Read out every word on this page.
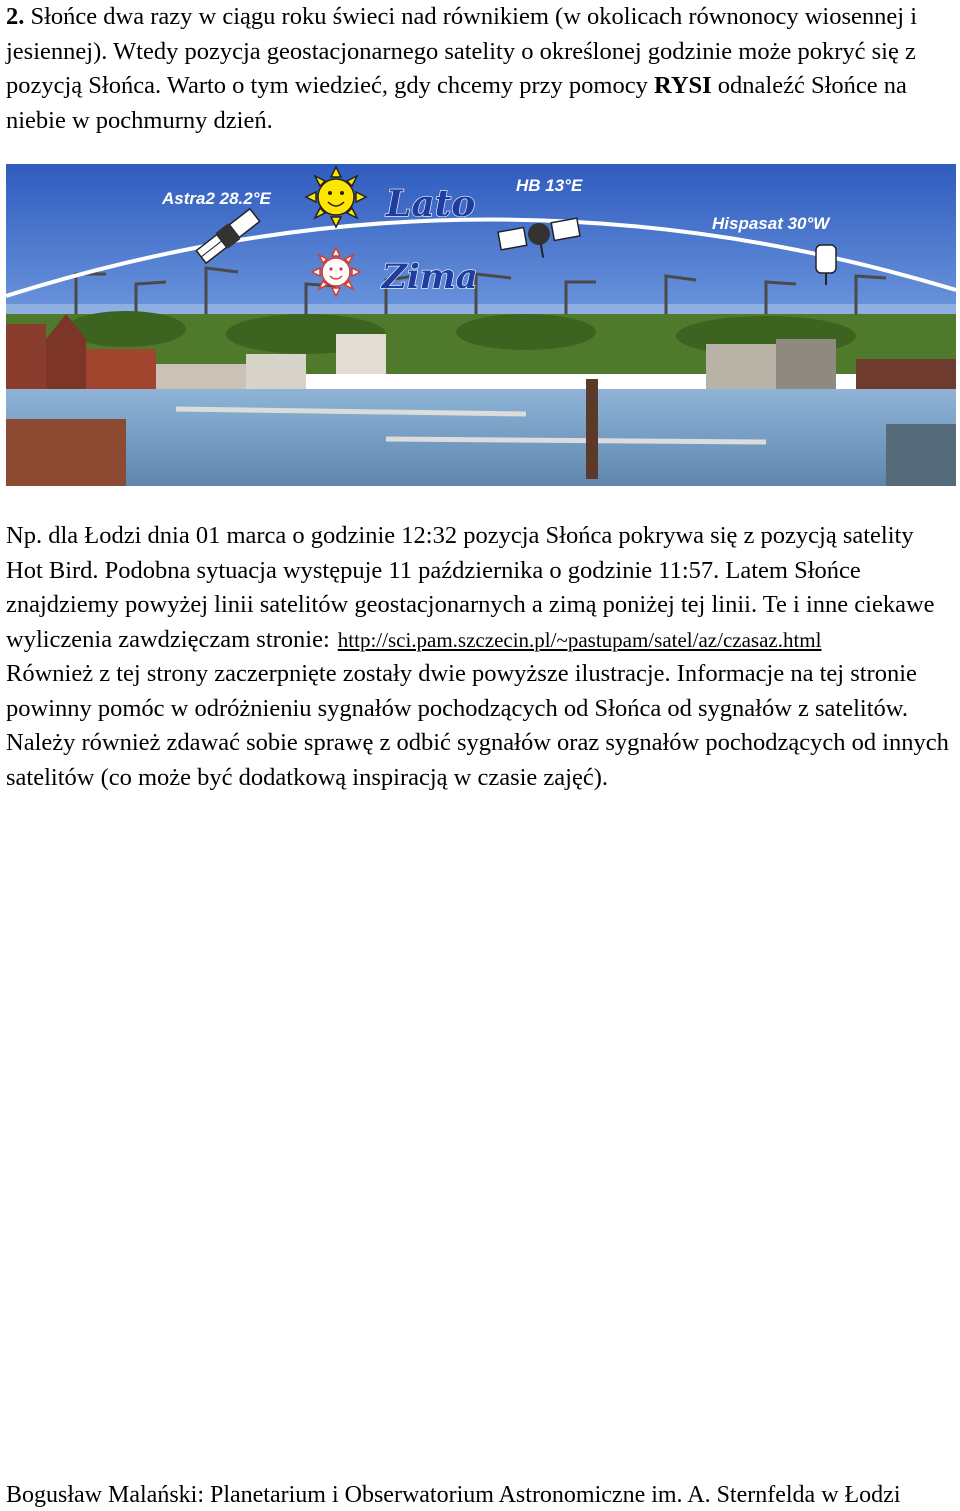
2. Słońce dwa razy w ciągu roku świeci nad równikiem (w okolicach równonocy wiosennej i jesiennej). Wtedy pozycja geostacjonarnego satelity o określonej godzinie może pokryć się z pozycją Słońca. Warto o tym wiedzieć, gdy chcemy przy pomocy RYSI odnaleźć Słońce na niebie w pochmurny dzień.

Astra2 28.2°E
HB 13°E
Hispasat 30°W
Lato
Zima

Np. dla Łodzi dnia 01 marca o godzinie 12:32 pozycja Słońca pokrywa się z pozycją satelity Hot Bird. Podobna sytuacja występuje 11 października o godzinie 11:57. Latem Słońce znajdziemy powyżej linii satelitów geostacjonarnych a zimą poniżej tej linii. Te i inne ciekawe wyliczenia zawdzięczam stronie: http://sci.pam.szczecin.pl/~pastupam/satel/az/czasaz.html
Również z tej strony zaczerpnięte zostały dwie powyższe ilustracje. Informacje na tej stronie powinny pomóc w odróżnieniu sygnałów pochodzących od Słońca od sygnałów z satelitów. Należy również zdawać sobie sprawę z odbić sygnałów oraz sygnałów pochodzących od innych satelitów (co może być dodatkową inspiracją w czasie zajęć).

Bogusław Malański: Planetarium i Obserwatorium Astronomiczne im. A. Sternfelda w Łodzi
